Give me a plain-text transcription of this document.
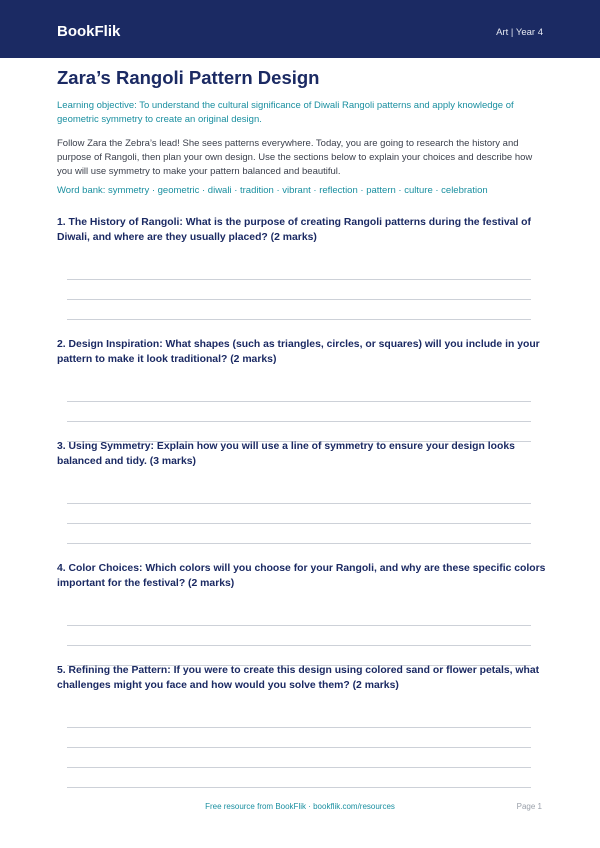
BookFlik	Art | Year 4
Zara’s Rangoli Pattern Design
Learning objective: To understand the cultural significance of Diwali Rangoli patterns and apply knowledge of geometric symmetry to create an original design.
Follow Zara the Zebra’s lead! She sees patterns everywhere. Today, you are going to research the history and purpose of Rangoli, then plan your own design. Use the sections below to explain your choices and describe how you will use symmetry to make your pattern balanced and beautiful.
Word bank: symmetry · geometric · diwali · tradition · vibrant · reflection · pattern · culture · celebration
1. The History of Rangoli: What is the purpose of creating Rangoli patterns during the festival of Diwali, and where are they usually placed? (2 marks)
2. Design Inspiration: What shapes (such as triangles, circles, or squares) will you include in your pattern to make it look traditional? (2 marks)
3. Using Symmetry: Explain how you will use a line of symmetry to ensure your design looks balanced and tidy. (3 marks)
4. Color Choices: Which colors will you choose for your Rangoli, and why are these specific colors important for the festival? (2 marks)
5. Refining the Pattern: If you were to create this design using colored sand or flower petals, what challenges might you face and how would you solve them? (2 marks)
Free resource from BookFlik · bookflik.com/resources	Page 1
